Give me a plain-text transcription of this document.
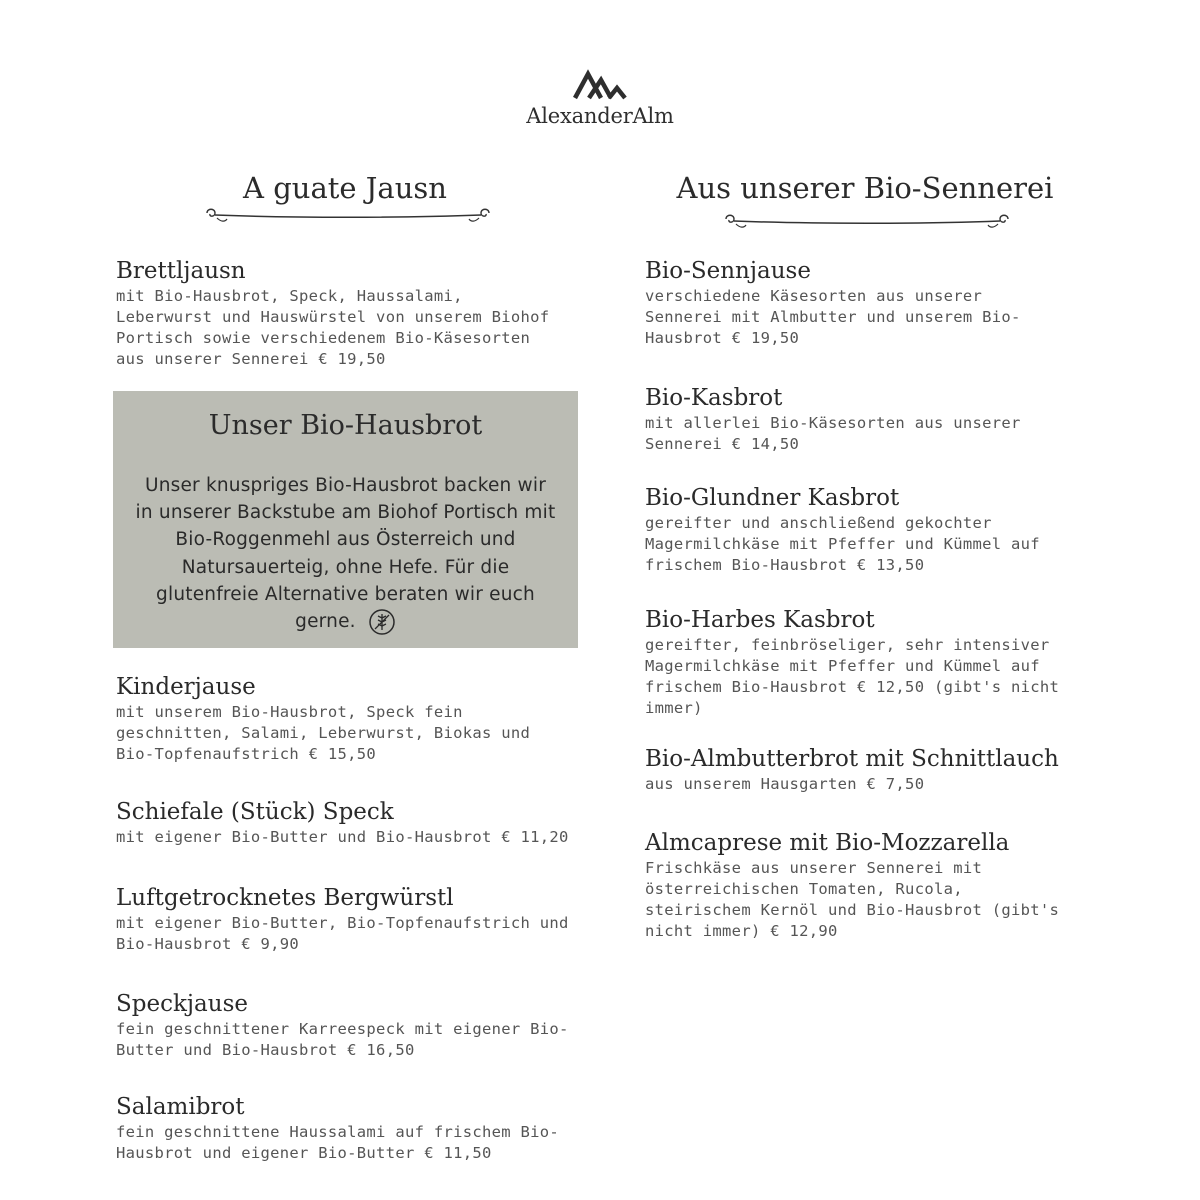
AlexanderAlm
A guate Jausn	Aus unserer Bio-Sennerei
Brettljausn
mit Bio-Hausbrot, Speck, Haussalami, Leberwurst und Hauswürstel von unserem Biohof Portisch sowie verschiedenem Bio-Käsesorten aus unserer Sennerei € 19,50
Unser Bio-Hausbrot
Unser knuspriges Bio-Hausbrot backen wir in unserer Backstube am Biohof Portisch mit Bio-Roggenmehl aus Österreich und Natursauerteig, ohne Hefe. Für die glutenfreie Alternative beraten wir euch gerne.
Kinderjause
mit unserem Bio-Hausbrot, Speck fein geschnitten, Salami, Leberwurst, Biokas und Bio-Topfenaufstrich € 15,50
Schiefale (Stück) Speck
mit eigener Bio-Butter und Bio-Hausbrot € 11,20
Luftgetrocknetes Bergwürstl
mit eigener Bio-Butter, Bio-Topfenaufstrich und Bio-Hausbrot € 9,90
Speckjause
fein geschnittener Karreespeck mit eigener Bio-Butter und Bio-Hausbrot € 16,50
Salamibrot
fein geschnittene Haussalami auf frischem Bio-Hausbrot und eigener Bio-Butter € 11,50
Bio-Sennjause
verschiedene Käsesorten aus unserer Sennerei mit Almbutter und unserem Bio-Hausbrot € 19,50
Bio-Kasbrot
mit allerlei Bio-Käsesorten aus unserer Sennerei € 14,50
Bio-Glundner Kasbrot
gereifter und anschließend gekochter Magermilchkäse mit Pfeffer und Kümmel auf frischem Bio-Hausbrot € 13,50
Bio-Harbes Kasbrot
gereifter, feinbröseliger, sehr intensiver Magermilchkäse mit Pfeffer und Kümmel auf frischem Bio-Hausbrot € 12,50 (gibt's nicht immer)
Bio-Almbutterbrot mit Schnittlauch
aus unserem Hausgarten € 7,50
Almcaprese mit Bio-Mozzarella
Frischkäse aus unserer Sennerei mit österreichischen Tomaten, Rucola, steirischem Kernöl und Bio-Hausbrot (gibt's nicht immer) € 12,90
